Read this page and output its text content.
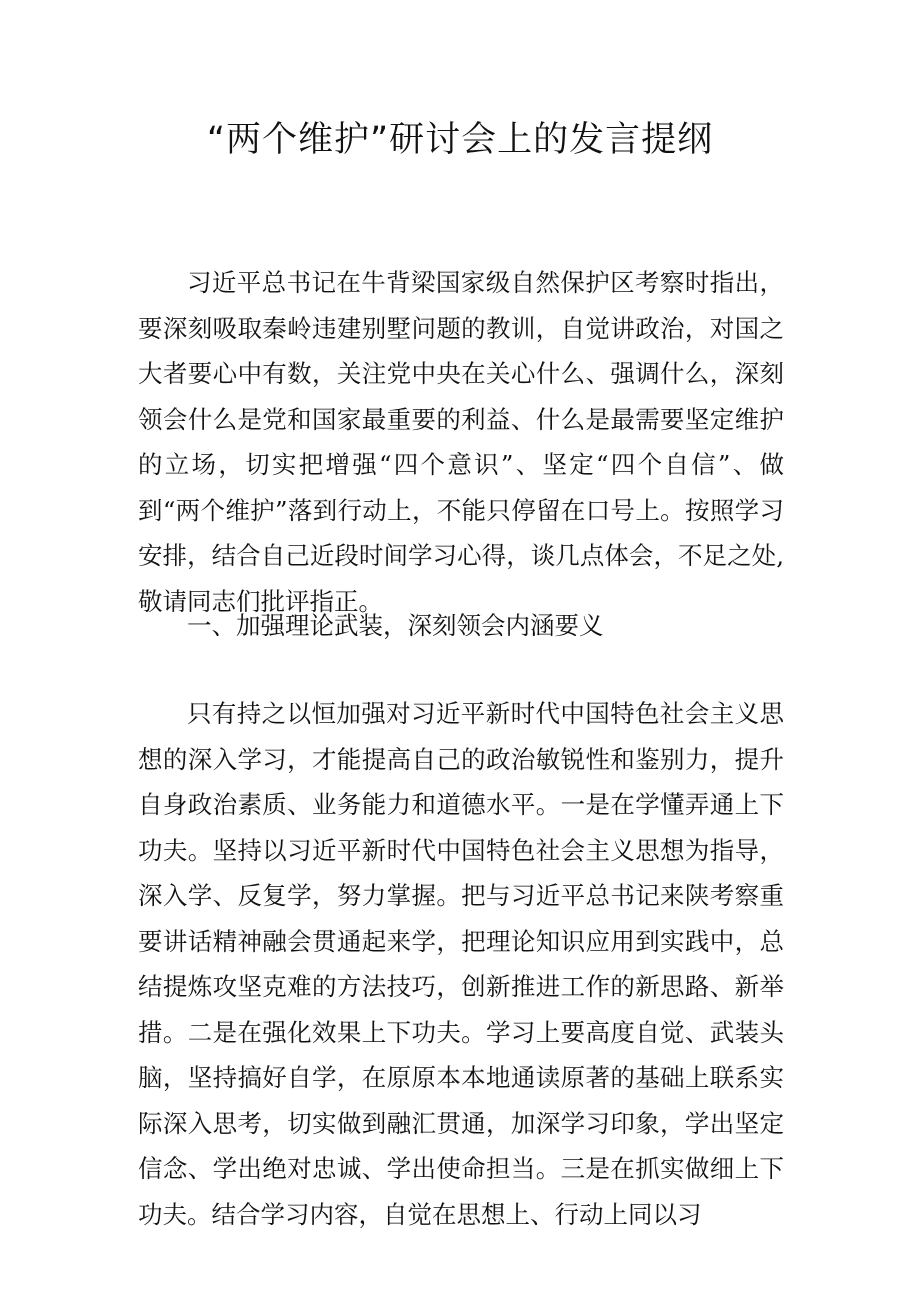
“两个维护”研讨会上的发言提纲

习近平总书记在牛背梁国家级自然保护区考察时指出，要深刻吸取秦岭违建别墅问题的教训，自觉讲政治，对国之大者要心中有数，关注党中央在关心什么、强调什么，深刻领会什么是党和国家最重要的利益、什么是最需要坚定维护的立场，切实把增强“四个意识”、坚定“四个自信”、做到“两个维护”落到行动上，不能只停留在口号上。按照学习安排，结合自己近段时间学习心得，谈几点体会，不足之处,敬请同志们批评指正。

一、加强理论武装，深刻领会内涵要义

只有持之以恒加强对习近平新时代中国特色社会主义思想的深入学习，才能提高自己的政治敏锐性和鉴别力，提升自身政治素质、业务能力和道德水平。一是在学懂弄通上下功夫。坚持以习近平新时代中国特色社会主义思想为指导，深入学、反复学，努力掌握。把与习近平总书记来陕考察重要讲话精神融会贯通起来学，把理论知识应用到实践中，总结提炼攻坚克难的方法技巧，创新推进工作的新思路、新举措。二是在强化效果上下功夫。学习上要高度自觉、武装头脑，坚持搞好自学，在原原本本地通读原著的基础上联系实际深入思考，切实做到融汇贯通，加深学习印象，学出坚定信念、学出绝对忠诚、学出使命担当。三是在抓实做细上下功夫。结合学习内容，自觉在思想上、行动上同以习
